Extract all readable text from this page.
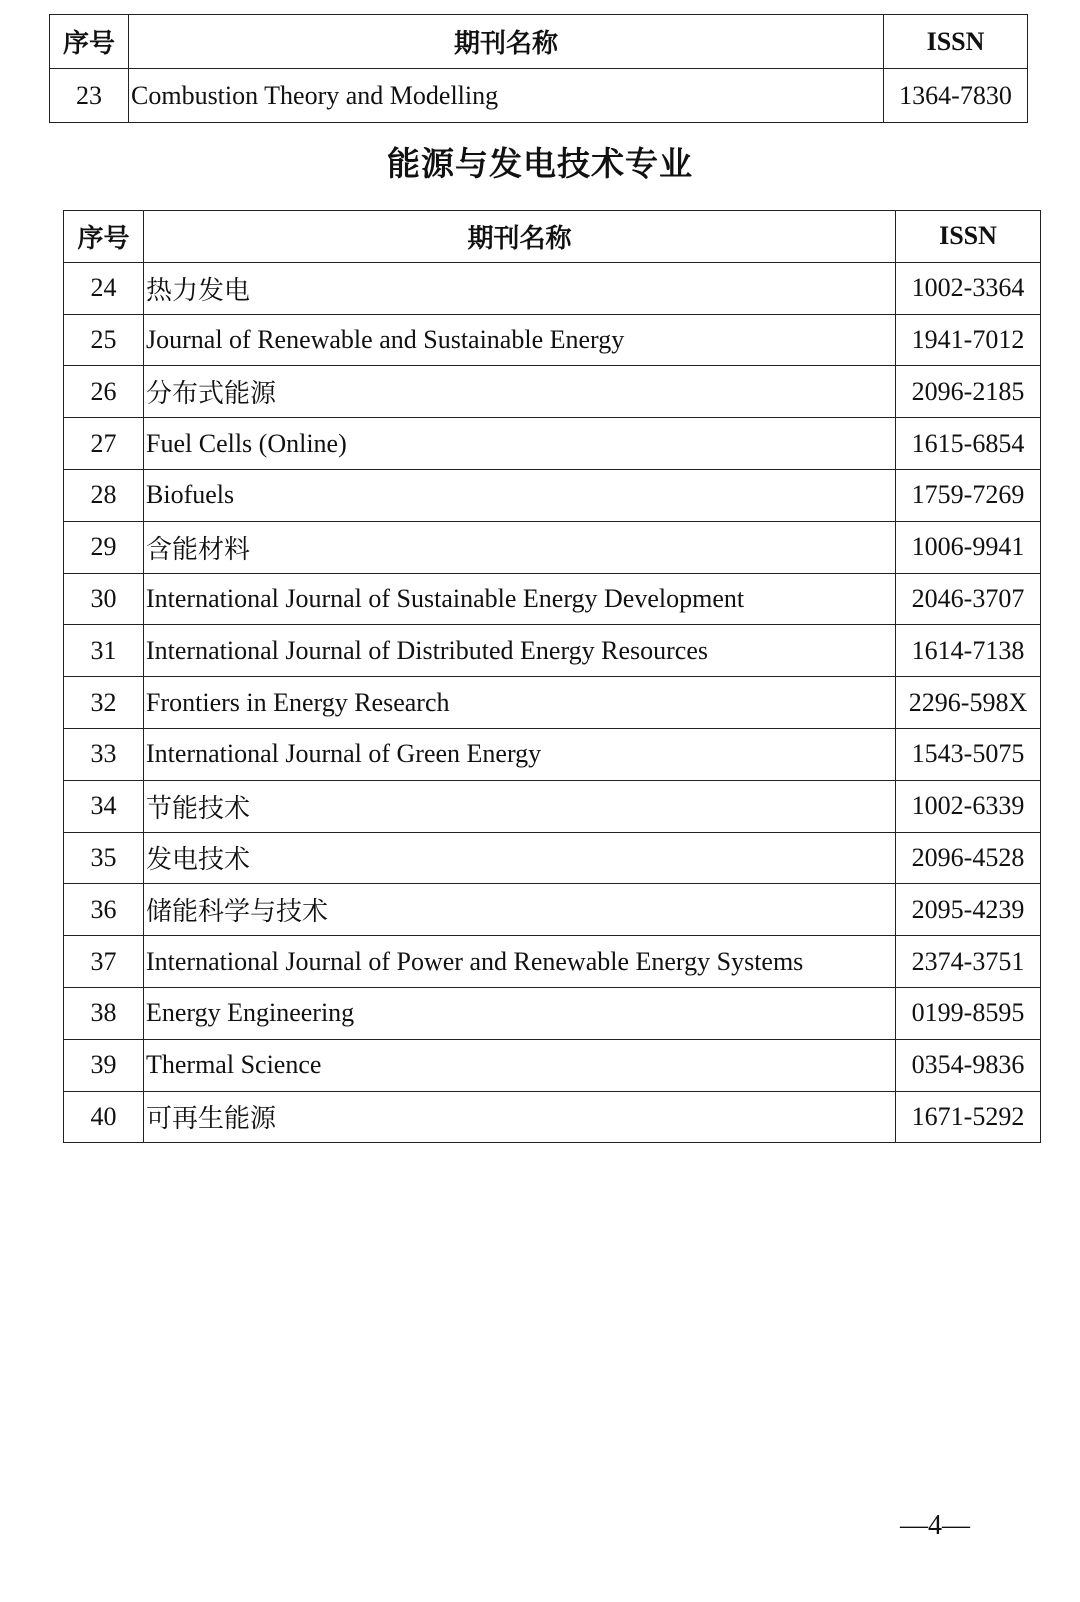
序号	期刊名称	ISSN
23	Combustion Theory and Modelling	1364-7830
能源与发电技术专业
序号	期刊名称	ISSN
24	热力发电	1002-3364
25	Journal of Renewable and Sustainable Energy	1941-7012
26	分布式能源	2096-2185
27	Fuel Cells (Online)	1615-6854
28	Biofuels	1759-7269
29	含能材料	1006-9941
30	International Journal of Sustainable Energy Development	2046-3707
31	International Journal of Distributed Energy Resources	1614-7138
32	Frontiers in Energy Research	2296-598X
33	International Journal of Green Energy	1543-5075
34	节能技术	1002-6339
35	发电技术	2096-4528
36	储能科学与技术	2095-4239
37	International Journal of Power and Renewable Energy Systems	2374-3751
38	Energy Engineering	0199-8595
39	Thermal Science	0354-9836
40	可再生能源	1671-5292
—4—
